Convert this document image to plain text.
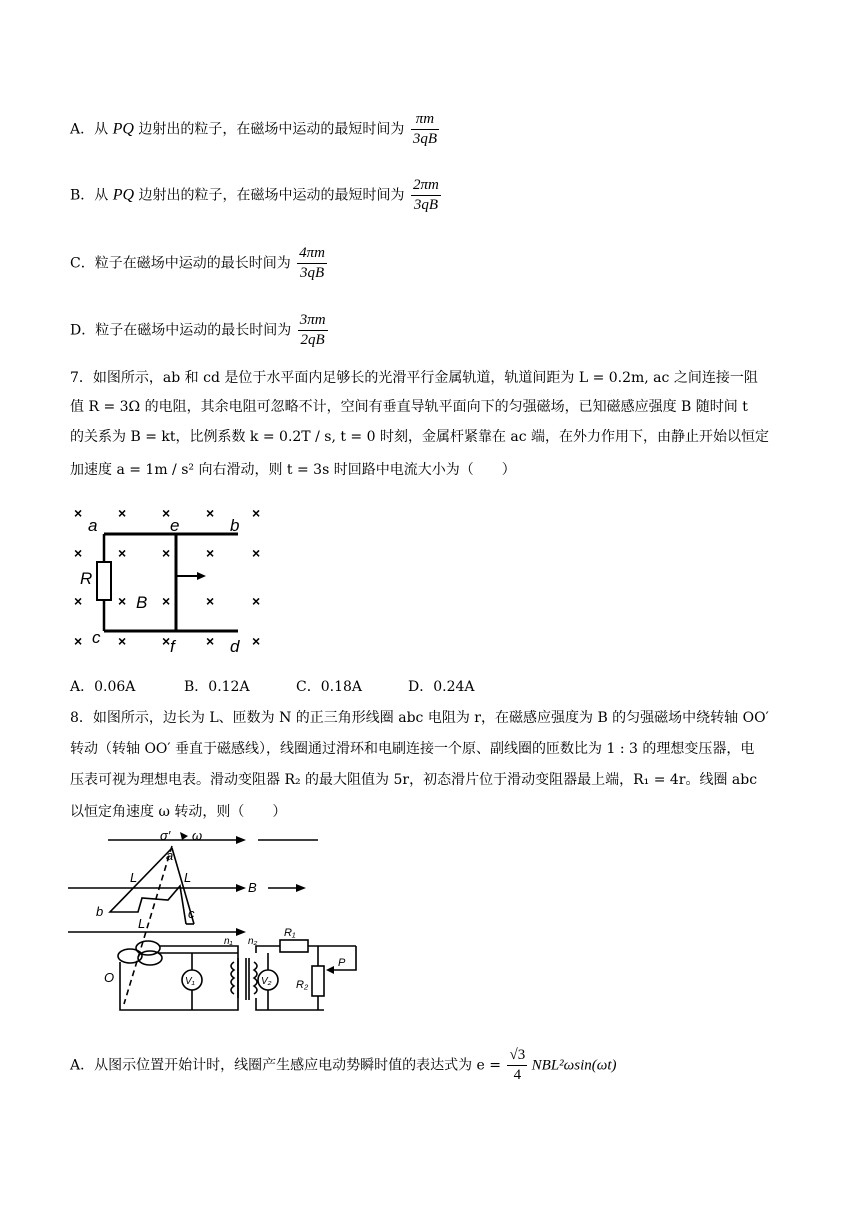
A．从 PQ 边射出的粒子，在磁场中运动的最短时间为 $\frac{\pi m}{3qB}$
B．从 PQ 边射出的粒子，在磁场中运动的最短时间为 $\frac{2\pi m}{3qB}$
C．粒子在磁场中运动的最长时间为 $\frac{4\pi m}{3qB}$
D．粒子在磁场中运动的最长时间为 $\frac{3\pi m}{2qB}$
7．如图所示，ab 和 cd 是位于水平面内足够长的光滑平行金属轨道，轨道间距为 L = 0.2m, ac 之间连接一阻
值 R = 3Ω 的电阻，其余电阻可忽略不计，空间有垂直导轨平面向下的匀强磁场，已知磁感应强度 B 随时间 t
的关系为 B = kt，比例系数 k = 0.2T / s, t = 0 时刻，金属杆紧靠在 ac 端，在外力作用下，由静止开始以恒定
加速度 a = 1m / s² 向右滑动，则 t = 3s 时回路中电流大小为（　　）
×	×	×	×	×
×	×	×	×	×
×	×	×	×	×
×	×	×	×	×
a	e	b
R
B
c	f	d
A．0.06A	B．0.12A	C．0.18A	D．0.24A
8．如图所示，边长为 L、匝数为 N 的正三角形线圈 abc 电阻为 r，在磁感应强度为 B 的匀强磁场中绕转轴 OO′
转动（转轴 OO′ 垂直于磁感线），线圈通过滑环和电刷连接一个原、副线圈的匝数比为 1 : 3 的理想变压器，电
压表可视为理想电表。滑动变阻器 R₂ 的最大阻值为 5r，初态滑片位于滑动变阻器最上端，R₁ = 4r。线圈 abc
以恒定角速度 ω 转动，则（　　）
σ′ ω
a
L	L
L
B
b	c
O
n₁ n₂
V₁	V₂
R₁
R₂
P
A．从图示位置开始计时，线圈产生感应电动势瞬时值的表达式为 $e = \frac{√3}{4} NBL^2\omega\sin(\omega t)$
